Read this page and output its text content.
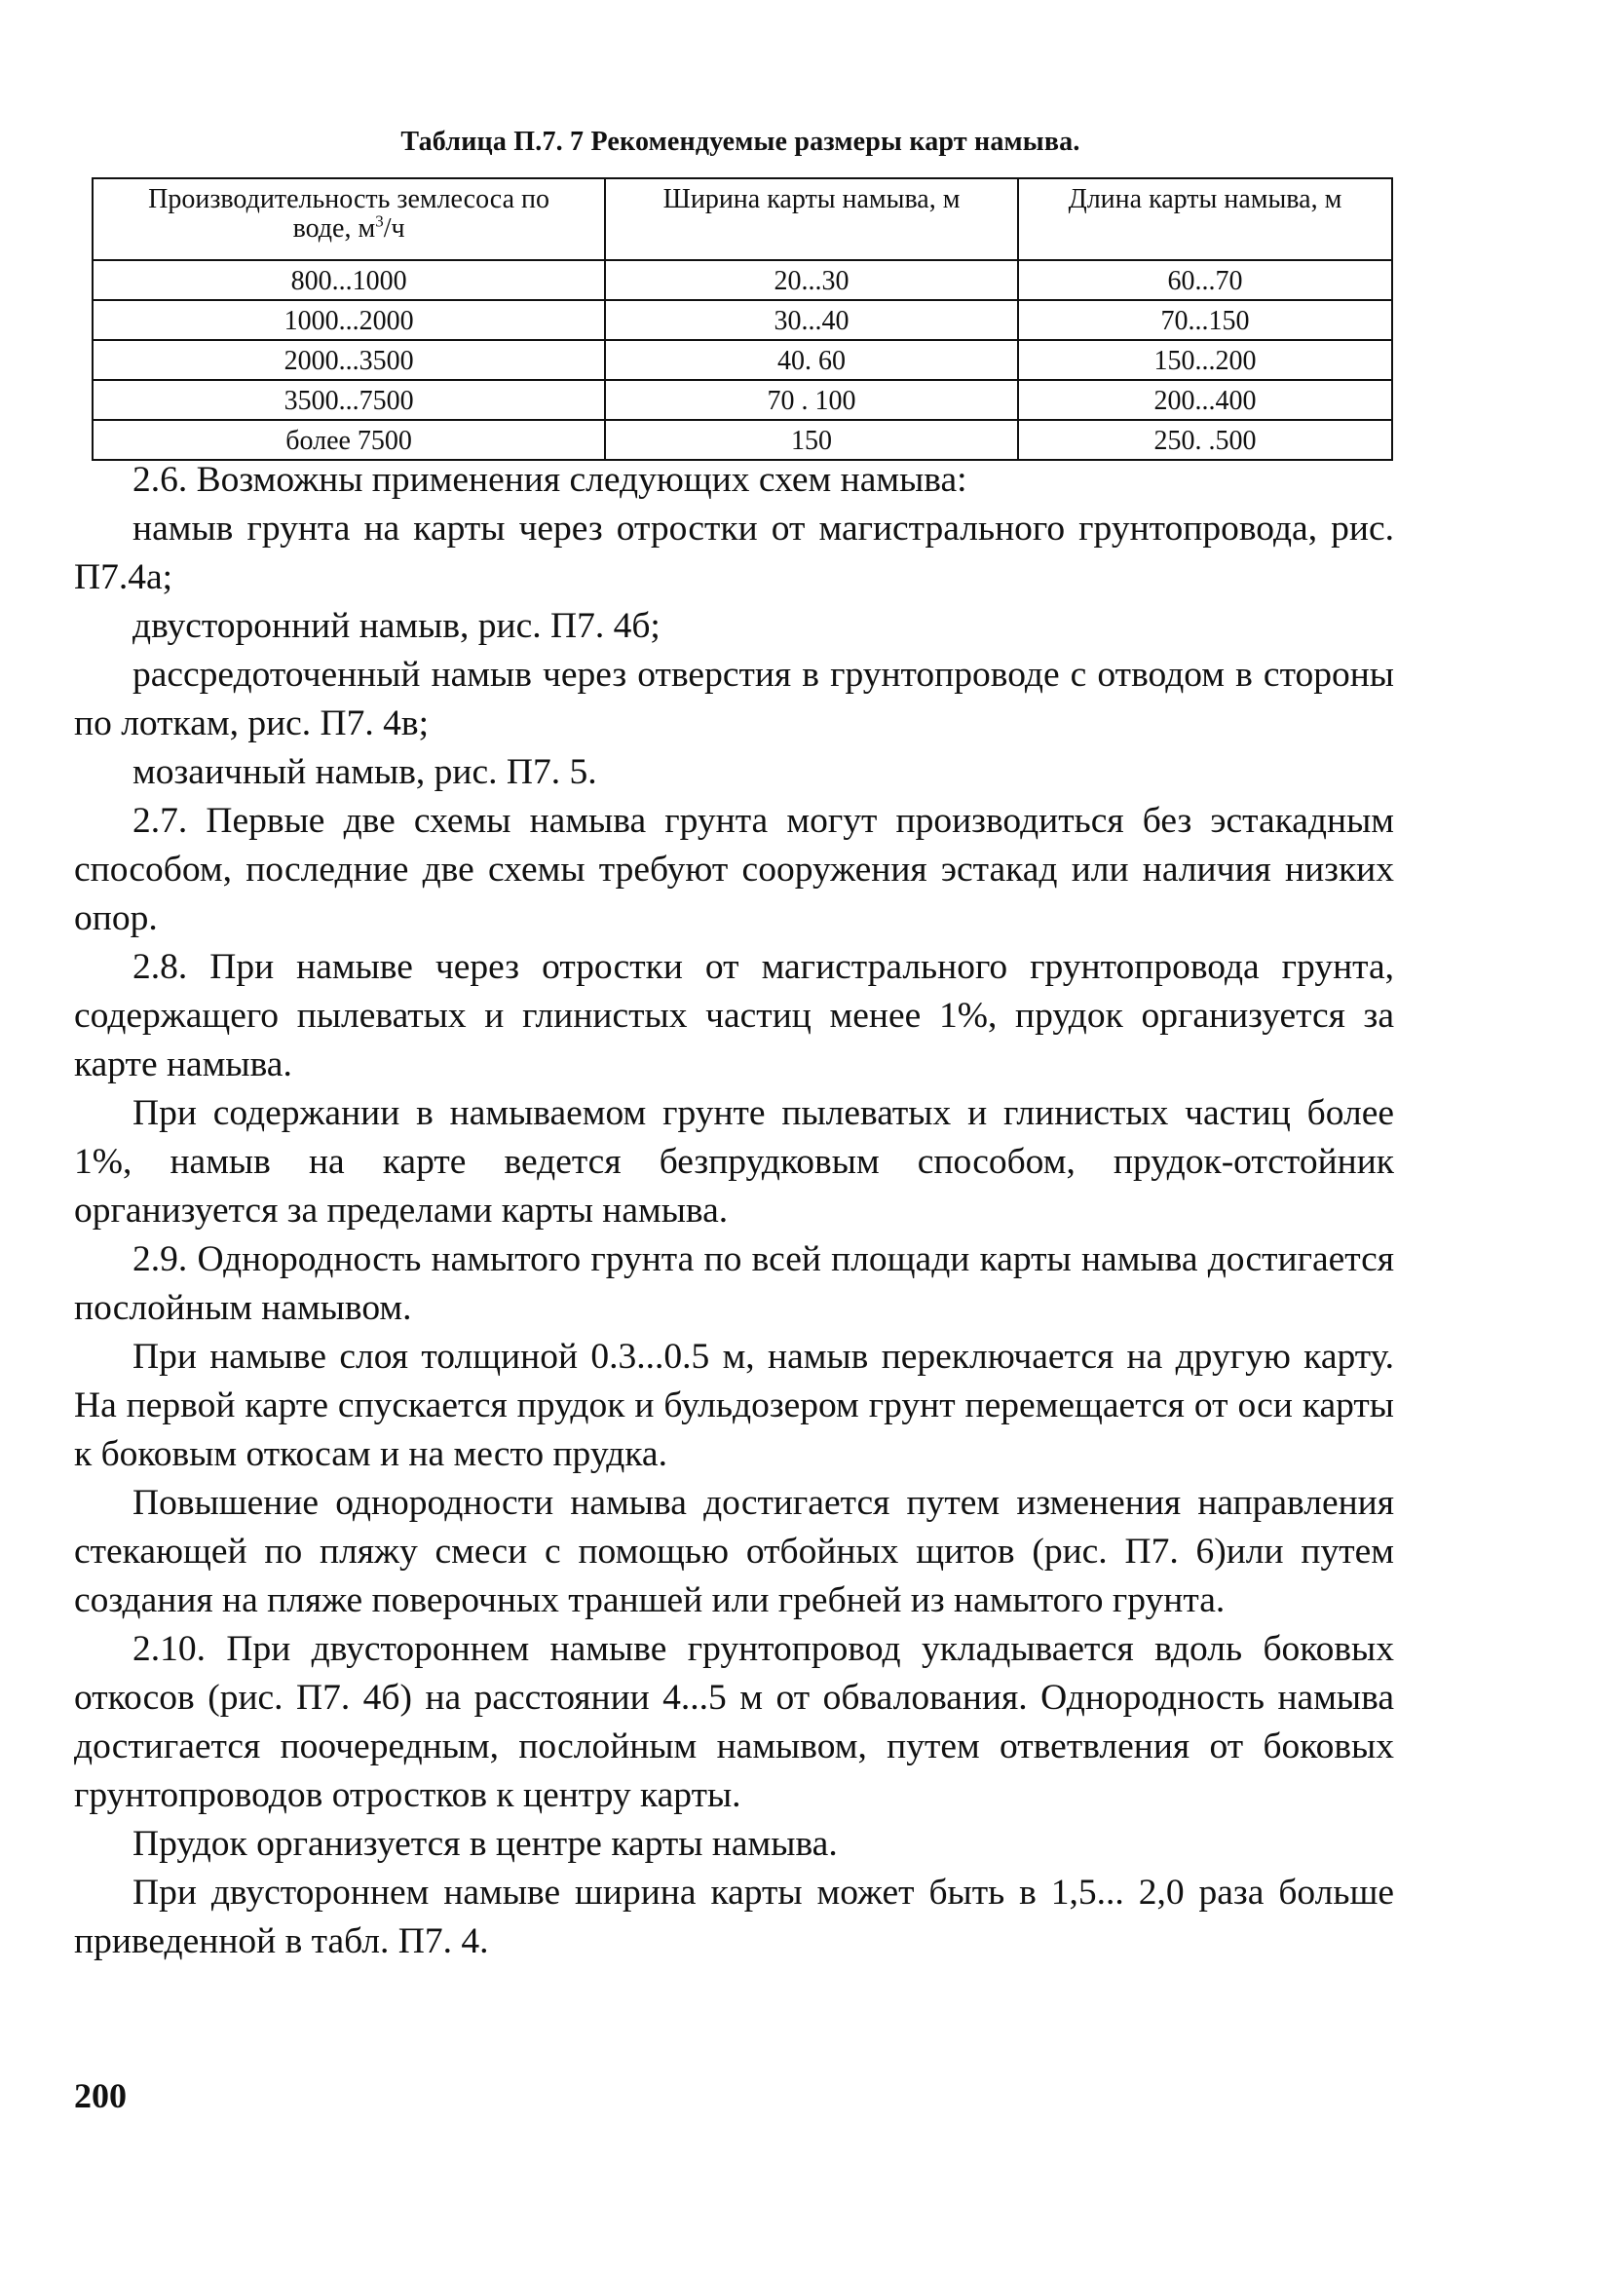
Таблица П.7. 7 Рекомендуемые размеры карт намыва.
Производительность землесоса по
воде, $м^3/ч$	Ширина карты намыва, м	Длина карты намыва, м
800...1000	20...30	60...70
1000...2000	30...40	70...150
2000...3500	40. 60	150...200
3500...7500	70 . 100	200...400
более 7500	150	250. .500

2.6. Возможны применения следующих схем намыва:

намыв грунта на карты через отростки от магистрального грунтопровода, рис. П7.4а;

двусторонний намыв, рис. П7. 4б;

рассредоточенный намыв через отверстия в грунтопроводе с отводом в стороны по лоткам, рис. П7. 4в;

мозаичный намыв, рис. П7. 5.

2.7. Первые две схемы намыва грунта могут производиться без эстакадным способом, последние две схемы требуют сооружения эстакад или наличия низких опор.

2.8. При намыве через отростки от магистрального грунтопровода грунта, содержащего пылеватых и глинистых частиц менее 1%, прудок организуется за карте намыва.

При содержании в намываемом грунте пылеватых и глинистых частиц более 1%, намыв на карте ведется безпрудковым способом, прудок-отстойник организуется за пределами карты намыва.

2.9. Однородность намытого грунта по всей площади карты намыва достигается послойным намывом.

При намыве слоя толщиной 0.3...0.5 м, намыв переключается на другую карту. На первой карте спускается прудок и бульдозером грунт перемещается от оси карты к боковым откосам и на место прудка.

Повышение однородности намыва достигается путем изменения направления стекающей по пляжу смеси с помощью отбойных щитов (рис. П7. 6)или путем создания на пляже поверочных траншей или гребней из намытого грунта.

2.10. При двустороннем намыве грунтопровод укладывается вдоль боковых откосов (рис. П7. 4б) на расстоянии 4...5 м от обвалования. Однородность намыва достигается поочередным, послойным намывом, путем ответвления от боковых грунтопроводов отростков к центру карты.

Прудок организуется в центре карты намыва.

При двустороннем намыве ширина карты может быть в 1,5... 2,0 раза больше приведенной в табл. П7. 4.

200
